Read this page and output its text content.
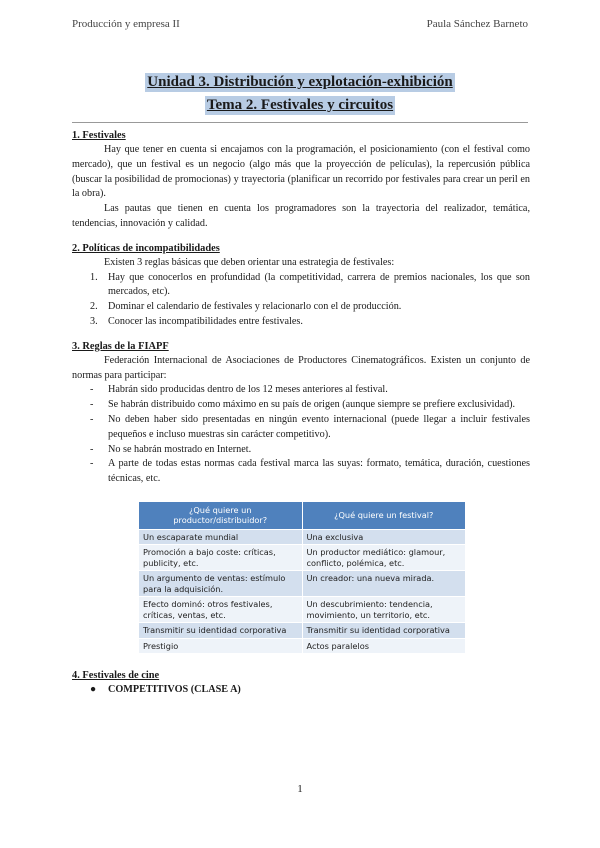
Producción y empresa II	Paula Sánchez Barneto
Unidad 3. Distribución y explotación-exhibición
Tema 2. Festivales y circuitos
1. Festivales

Hay que tener en cuenta si encajamos con la programación, el posicionamiento (con el festival como mercado), que un festival es un negocio (algo más que la proyección de películas), la repercusión pública (buscar la posibilidad de promocionas) y trayectoria (planificar un recorrido por festivales para crear un peril en la obra).

Las pautas que tienen en cuenta los programadores son la trayectoria del realizador, temática, tendencias, innovación y calidad.

2. Políticas de incompatibilidades

Existen 3 reglas básicas que deben orientar una estrategia de festivales:

1. Hay que conocerlos en profundidad (la competitividad, carrera de premios nacionales, los que son mercados, etc).
2. Dominar el calendario de festivales y relacionarlo con el de producción.
3. Conocer las incompatibilidades entre festivales.
3. Reglas de la FIAPF

Federación Internacional de Asociaciones de Productores Cinematográficos. Existen un conjunto de normas para participar:

- Habrán sido producidas dentro de los 12 meses anteriores al festival.
- Se habrán distribuido como máximo en su país de origen (aunque siempre se prefiere exclusividad).
- No deben haber sido presentadas en ningún evento internacional (puede llegar a incluir festivales pequeños e incluso muestras sin carácter competitivo).
- No se habrán mostrado en Internet.
- A parte de todas estas normas cada festival marca las suyas: formato, temática, duración, cuestiones técnicas, etc.
¿Qué quiere un productor/distribuidor?	¿Qué quiere un festival?
Un escaparate mundial	Una exclusiva
Promoción a bajo coste: críticas, publicity, etc.	Un productor mediático: glamour, conflicto, polémica, etc.
Un argumento de ventas: estímulo para la adquisición.	Un creador: una nueva mirada.
Efecto dominó: otros festivales, críticas, ventas, etc.	Un descubrimiento: tendencia, movimiento, un territorio, etc.
Transmitir su identidad corporativa	Transmitir su identidad corporativa
Prestigio	Actos paralelos
4. Festivales de cine
● COMPETITIVOS (CLASE A)
1
